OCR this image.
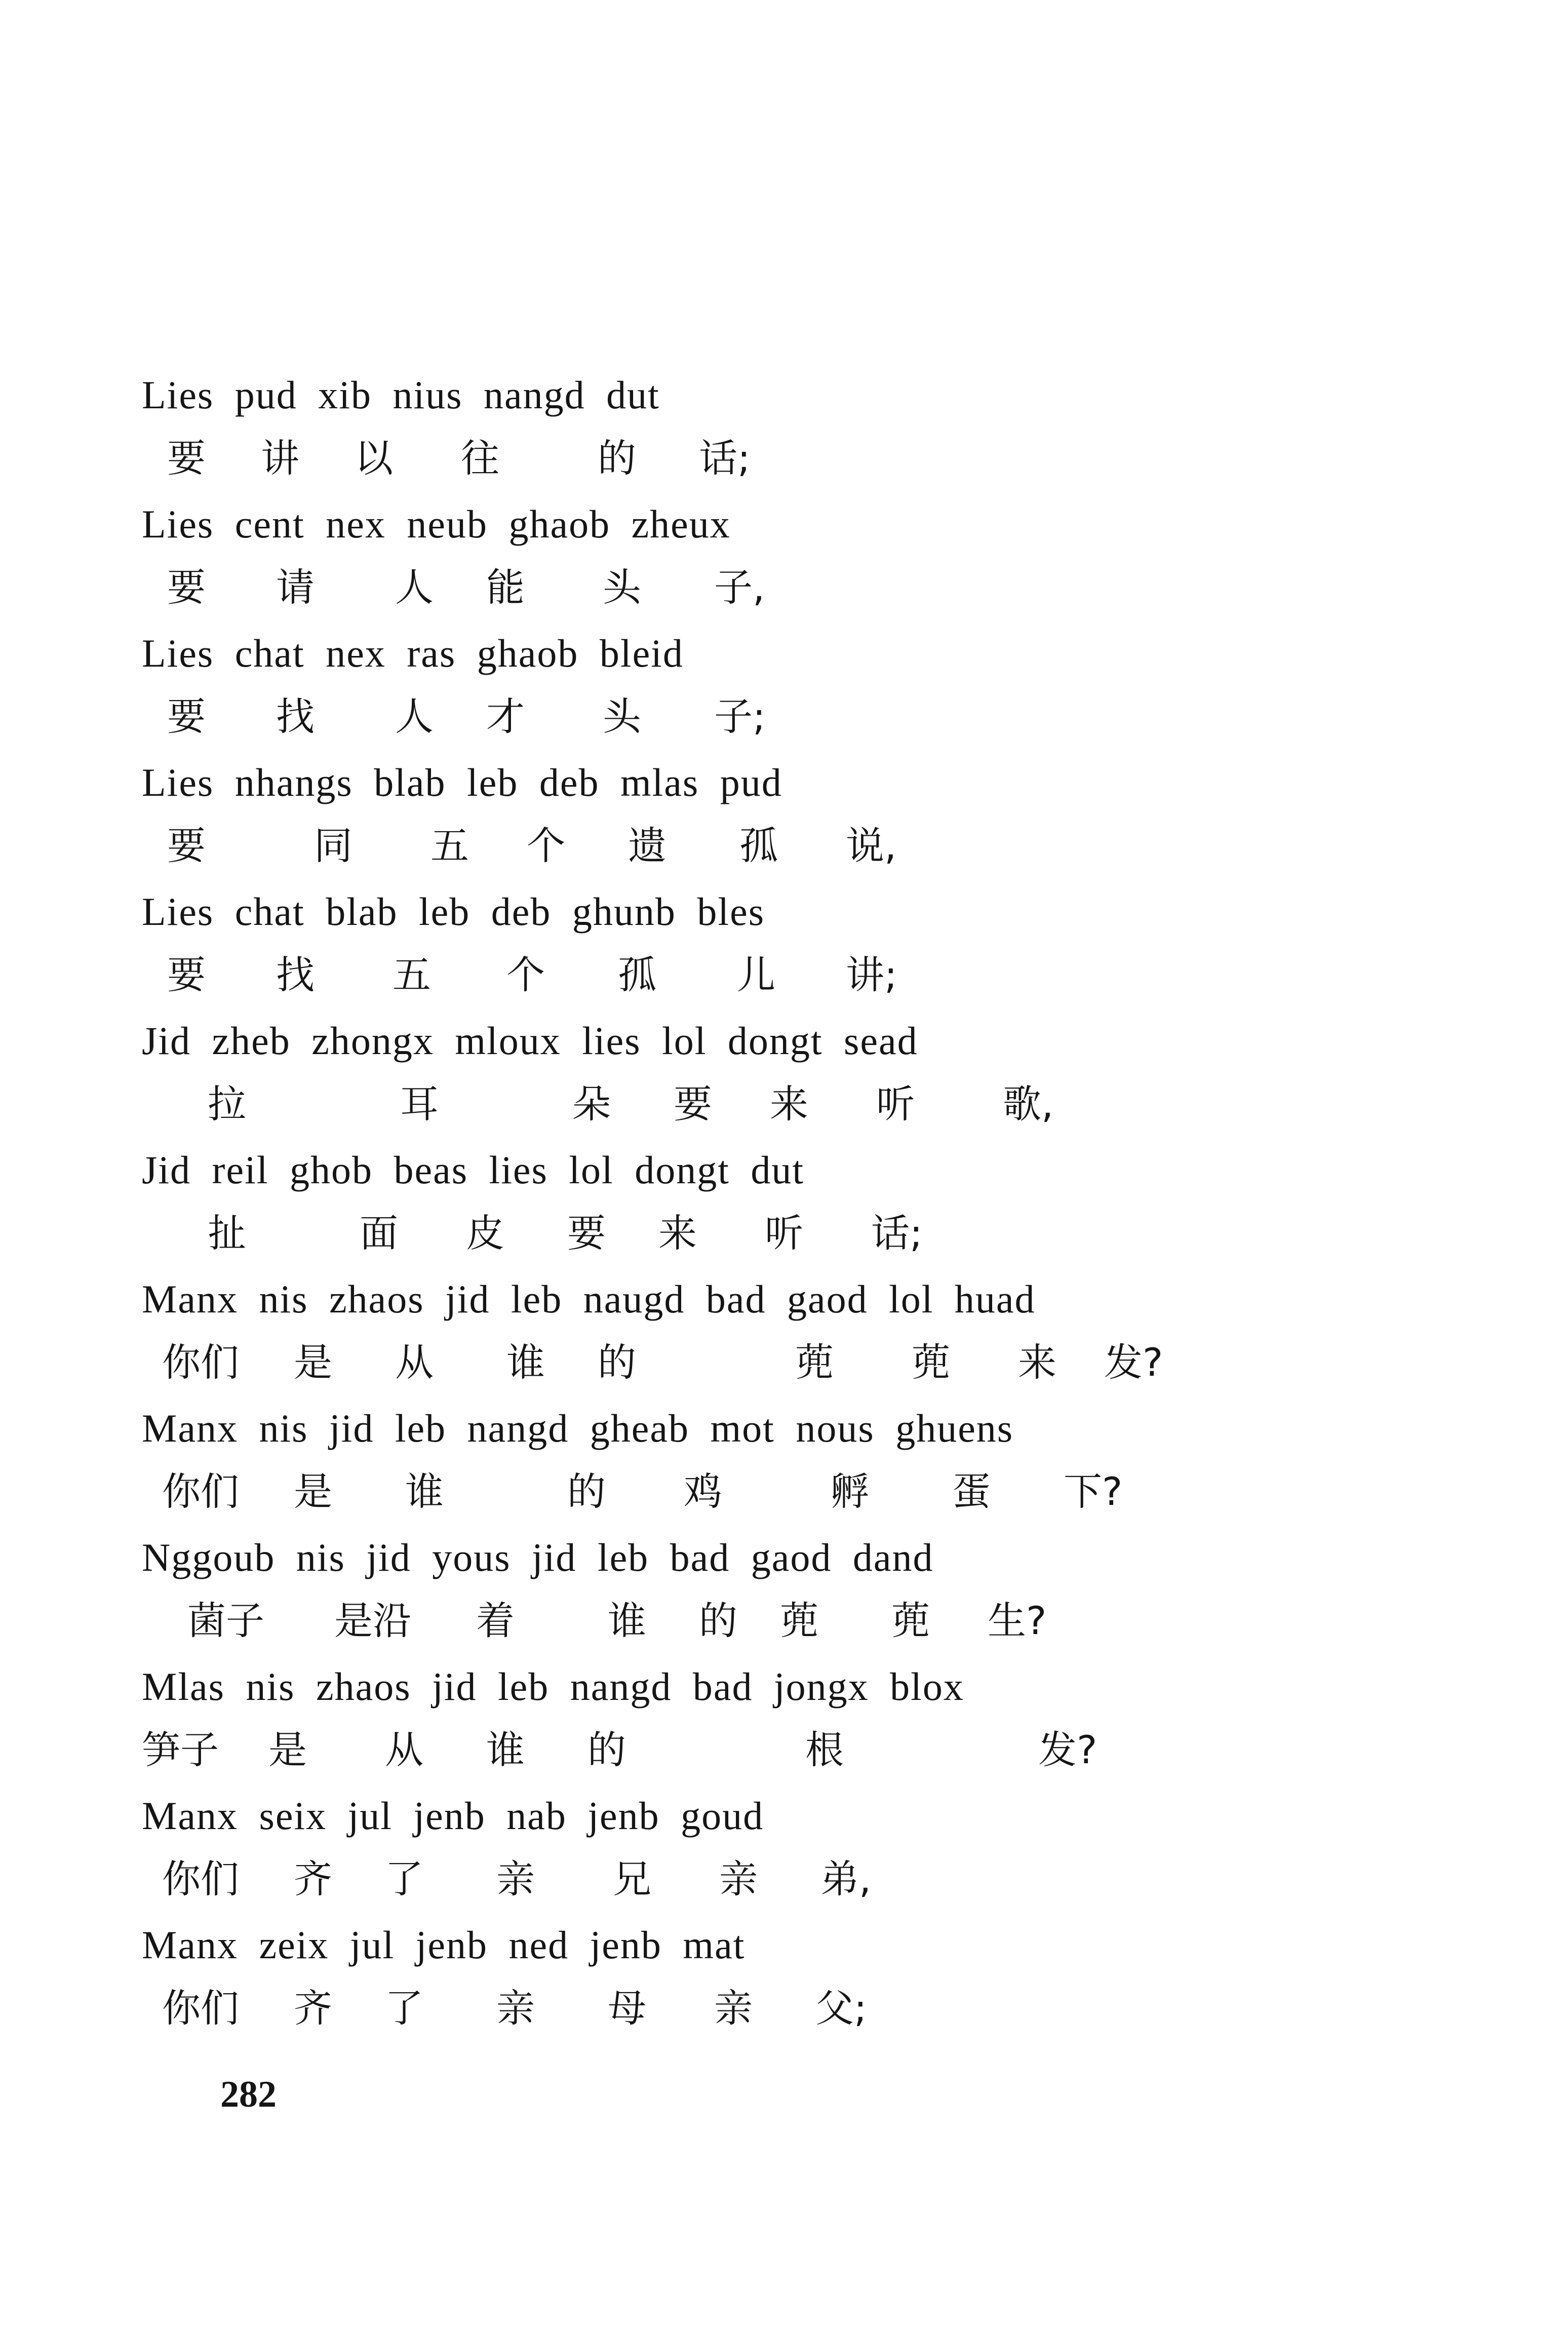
Lies pud xib nius nangd dut
要 讲 以 往	的 话;
Lies cent nex neub ghaob zheux
要 请 人 能 头 子,
Lies chat nex ras ghaob bleid
要 找 人 才 头 子;
Lies nhangs blab leb deb mlas pud
要	同 五 个 遗 孤 说,
Lies chat blab leb deb ghunb bles
要 找 五 个 孤 儿 讲;
Jid zheb zhongx mloux lies lol dongt sead
拉	耳	朵 要 来 听 歌,
Jid reil ghob beas lies lol dongt dut
扯	面 皮 要 来 听 话;
Manx nis zhaos jid leb naugd bad gaod lol huad
你们 是 从 谁 的	蔸 蔸 来 发?
Manx nis jid leb nangd gheab mot nous ghuens
你们 是 谁	的 鸡	孵 蛋 下?
Nggoub nis jid yous jid leb bad gaod dand
菌子 是沿 着 谁 的 蔸 蔸 生?
Mlas nis zhaos jid leb nangd bad jongx blox
笋子 是 从 谁 的	根	发?
Manx seix jul jenb nab jenb goud
你们 齐 了 亲 兄 亲 弟,
Manx zeix jul jenb ned jenb mat
你们 齐 了 亲 母 亲 父;
282
